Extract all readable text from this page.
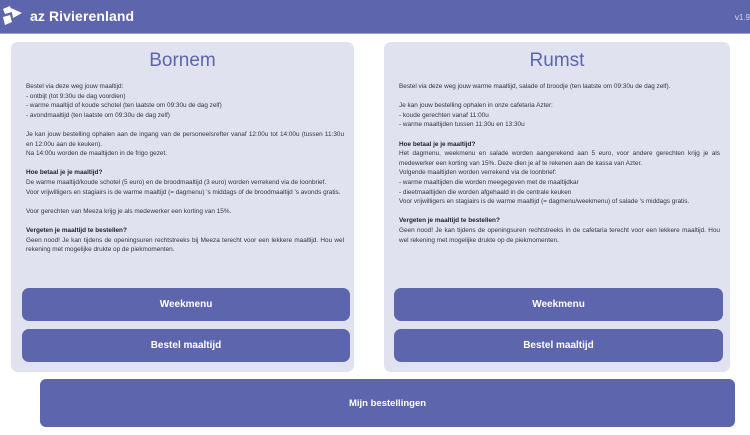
az Rivierenland	v1.9
Bornem

Bestel via deze weg jouw maaltijd:

- ontbijt (tot 9:30u de dag voordien)

- warme maaltijd of koude schotel (ten laatste om 09:30u de dag zelf)

- avondmaaltijd (ten laatste om 09:30u de dag zelf)

Je kan jouw bestelling ophalen aan de ingang van de personeelsrefter vanaf 12:00u tot 14:00u (tussen 11:30u en 12:00u aan de keuken).

Na 14:00u worden de maaltijden in de frigo gezet.

Hoe betaal je je maaltijd?

De warme maaltijd/koude schotel (5 euro) en de broodmaaltijd (3 euro) worden verrekend via de loonbrief.

Voor vrijwilligers en stagiairs is de warme maaltijd (= dagmenu) 's middags of de broodmaaltijd 's avonds gratis.

Voor gerechten van Meeza krijg je als medewerker een korting van 15%.

Vergeten je maaltijd te bestellen?

Geen nood! Je kan tijdens de openingsuren rechtstreeks bij Meeza terecht voor een lekkere maaltijd. Hou wel rekening met mogelijke drukte op de piekmomenten.

Weekmenu
Bestel maaltijd
Rumst

Bestel via deze weg jouw warme maaltijd, salade of broodje (ten laatste om 09:30u de dag zelf).

Je kan jouw bestelling ophalen in onze cafetaria Azter:

- koude gerechten vanaf 11:00u

- warme maaltijden tussen 11:30u en 13:30u

Hoe betaal je je maaltijd?

Het dagmenu, weekmenu en salade worden aangerekend aan 5 euro, voor andere gerechten krijg je als medewerker een korting van 15%. Deze dien je af te rekenen aan de kassa van Azter.

Volgende maaltijden worden verrekend via de loonbrief:

- warme maaltijden die worden meegegeven met de maaltijdkar

- dieetmaaltijden die worden afgehaald in de centrale keuken

Voor vrijwilligers en stagiairs is de warme maaltijd (= dagmenu/weekmenu) of salade 's middags gratis.

Vergeten je maaltijd te bestellen?

Geen nood! Je kan tijdens de openingsuren rechtstreeks in de cafetaria terecht voor een lekkere maaltijd. Hou wel rekening met mogelijke drukte op de piekmomenten.

Weekmenu
Bestel maaltijd
Mijn bestellingen
